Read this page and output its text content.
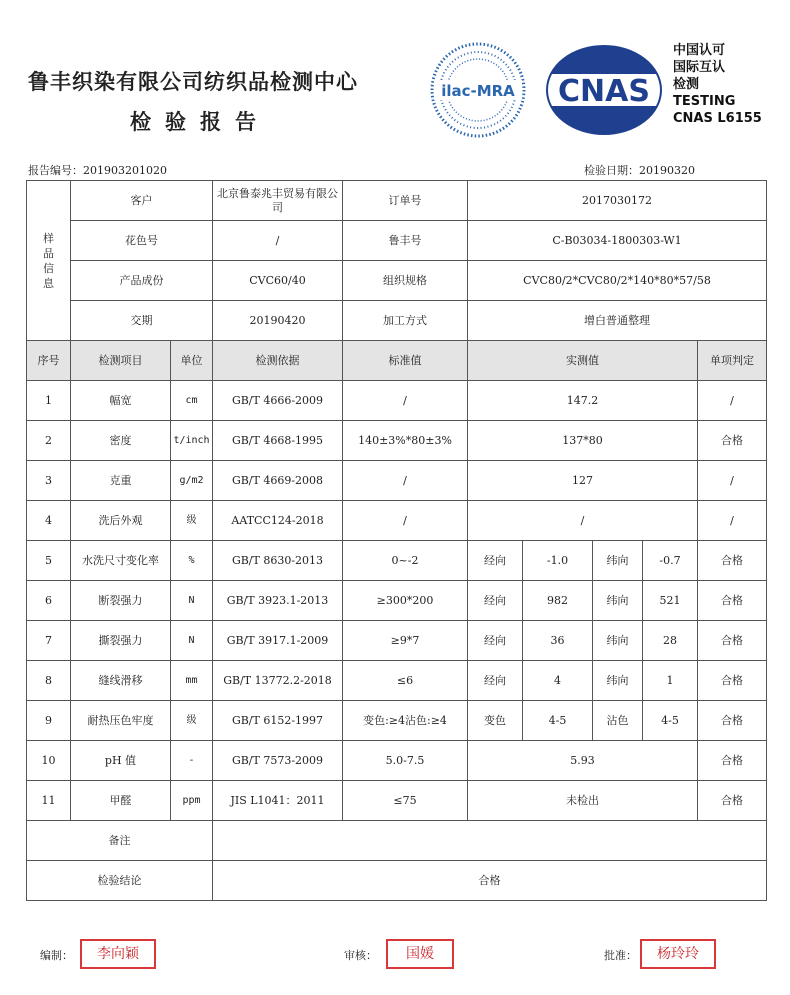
鲁丰织染有限公司纺织品检测中心
检验报告
ilac-MRA CNAS
中国认可
国际互认
检测
TESTING
CNAS L6155
报告编号：201903201020	检验日期：20190320
样品信息	客户		北京鲁泰兆丰贸易有限公司	订单号	2017030172				
	花色号		/	鲁丰号	C-B03034-1800303-W1				
	产品成份		CVC60/40	组织规格	CVC80/2*CVC80/2*140*80*57/58				
	交期		20190420	加工方式	增白普通整理				
序号	检测项目	单位	检测依据	标准值	实测值				单项判定
1	幅宽	cm	GB/T 4666-2009	/	147.2				/
2	密度	t/inch	GB/T 4668-1995	140±3%*80±3%	137*80				合格
3	克重	g/m2	GB/T 4669-2008	/	127				/
4	洗后外观	级	AATCC124-2018	/	/				/
5	水洗尺寸变化率	%	GB/T 8630-2013	0~-2	经向	-1.0	纬向	-0.7	合格
6	断裂强力	N	GB/T 3923.1-2013	≥300*200	经向	982	纬向	521	合格
7	撕裂强力	N	GB/T 3917.1-2009	≥9*7	经向	36	纬向	28	合格
8	缝线滑移	mm	GB/T 13772.2-2018	≤6	经向	4	纬向	1	合格
9	耐热压色牢度	级	GB/T 6152-1997	变色:≥4沾色:≥4	变色	4-5	沾色	4-5	合格
10	pH 值	-	GB/T 7573-2009	5.0-7.5	5.93				合格
11	甲醛	ppm	JIS L1041：2011	≤75	未检出				合格
备注									
检验结论			合格						
编制：	李向颖	审核：	国媛	批准：	杨玲玲
